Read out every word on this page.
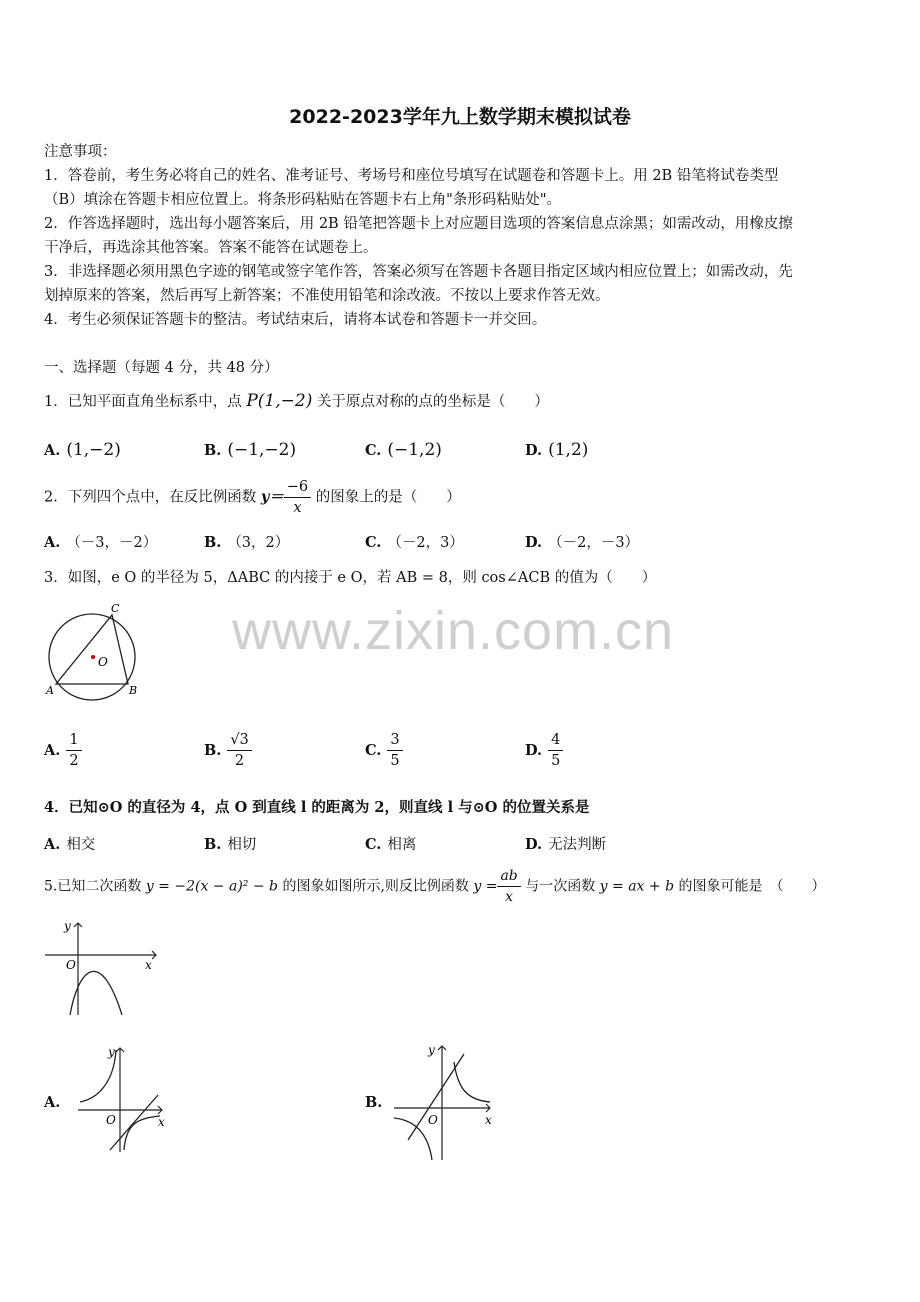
2022-2023学年九上数学期末模拟试卷
注意事项：
1．答卷前，考生务必将自己的姓名、准考证号、考场号和座位号填写在试题卷和答题卡上。用 2B 铅笔将试卷类型
（B）填涂在答题卡相应位置上。将条形码粘贴在答题卡右上角"条形码粘贴处"。
2．作答选择题时，选出每小题答案后，用 2B 铅笔把答题卡上对应题目选项的答案信息点涂黑；如需改动，用橡皮擦
干净后，再选涂其他答案。答案不能答在试题卷上。
3．非选择题必须用黑色字迹的钢笔或签字笔作答，答案必须写在答题卡各题目指定区域内相应位置上；如需改动，先
划掉原来的答案，然后再写上新答案；不准使用铅笔和涂改液。不按以上要求作答无效。
4．考生必须保证答题卡的整洁。考试结束后，请将本试卷和答题卡一并交回。
一、选择题（每题 4 分，共 48 分）
1．已知平面直角坐标系中，点 P(1,−2) 关于原点对称的点的坐标是（　　）
A. (1,−2)	B. (−1,−2)	C. (−1,2)	D. (1,2)
2．下列四个点中，在反比例函数 $y= \frac{-6}{x}$ 的图象上的是（　　）
A. （－3，－2）	B. （3，2）	C. （－2，3）	D. （－2，－3）
3．如图，e O 的半径为 5，ΔABC 的内接于 e O，若 AB = 8，则 cos∠ACB 的值为（　　）
www.zixin.com.cn
O
A	B
C
A. $\frac{1}{2}$	B. $\frac{√3}{2}$	C. $\frac{3}{5}$	D. $\frac{4}{5}$
4．已知⊙O 的直径为 4，点 O 到直线 l 的距离为 2，则直线 l 与⊙O 的位置关系是
A. 相交	B. 相切	C. 相离	D. 无法判断
5.已知二次函数 y = −2(x − a)² − b 的图象如图所示,则反比例函数 $y = \frac{ab}{x}$ 与一次函数 y = ax + b 的图象可能是　（　　）
y
x
O
A.
y
x
O
B.
y
x
O
